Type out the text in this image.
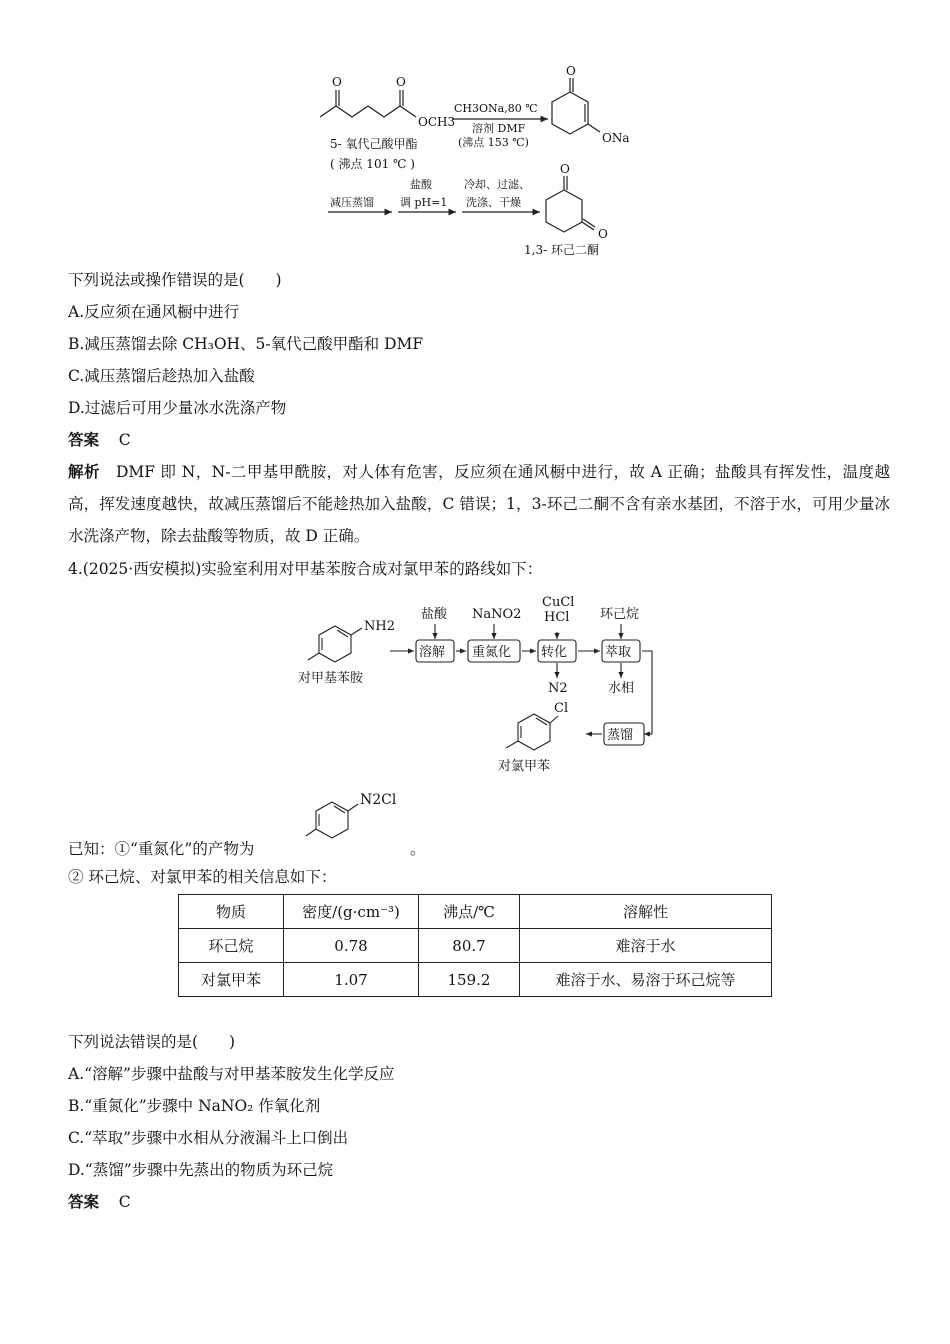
O	O
OCH3
5- 氧代己酸甲酯
( 沸点 101 ℃ )
CH3ONa,80 ℃
溶剂 DMF
(沸点 153 ℃)
O
ONa
减压蒸馏
盐酸
调 pH=1
冷却、过滤、
洗涤、干燥
O
O
1,3- 环己二酮
下列说法或操作错误的是(　　)
A.反应须在通风橱中进行
B.减压蒸馏去除 CH₃OH、5-氧代己酸甲酯和 DMF
C.减压蒸馏后趁热加入盐酸
D.过滤后可用少量冰水洗涤产物
答案 C
解析 DMF 即 N，N-二甲基甲酰胺，对人体有危害，反应须在通风橱中进行，故 A 正确；盐酸具有挥发性，温度越高，挥发速度越快，故减压蒸馏后不能趁热加入盐酸，C 错误；1，3-环己二酮不含有亲水基团，不溶于水，可用少量冰水洗涤产物，除去盐酸等物质，故 D 正确。
4.(2025·西安模拟)实验室利用对甲基苯胺合成对氯甲苯的路线如下：
NH2
对甲基苯胺
盐酸
溶解
NaNO2
重氮化
CuCl
HCl
转化
N2
环己烷
萃取
水相
蒸馏
Cl
对氯甲苯
已知：①“重氮化”的产物为
N2Cl
。
② 环己烷、对氯甲苯的相关信息如下：
物质	密度/(g·cm⁻³)	沸点/℃	溶解性
环己烷	0.78	80.7	难溶于水
对氯甲苯	1.07	159.2	难溶于水、易溶于环己烷等
下列说法错误的是(　　)
A.“溶解”步骤中盐酸与对甲基苯胺发生化学反应
B.“重氮化”步骤中 NaNO₂ 作氧化剂
C.“萃取”步骤中水相从分液漏斗上口倒出
D.“蒸馏”步骤中先蒸出的物质为环己烷
答案 C
